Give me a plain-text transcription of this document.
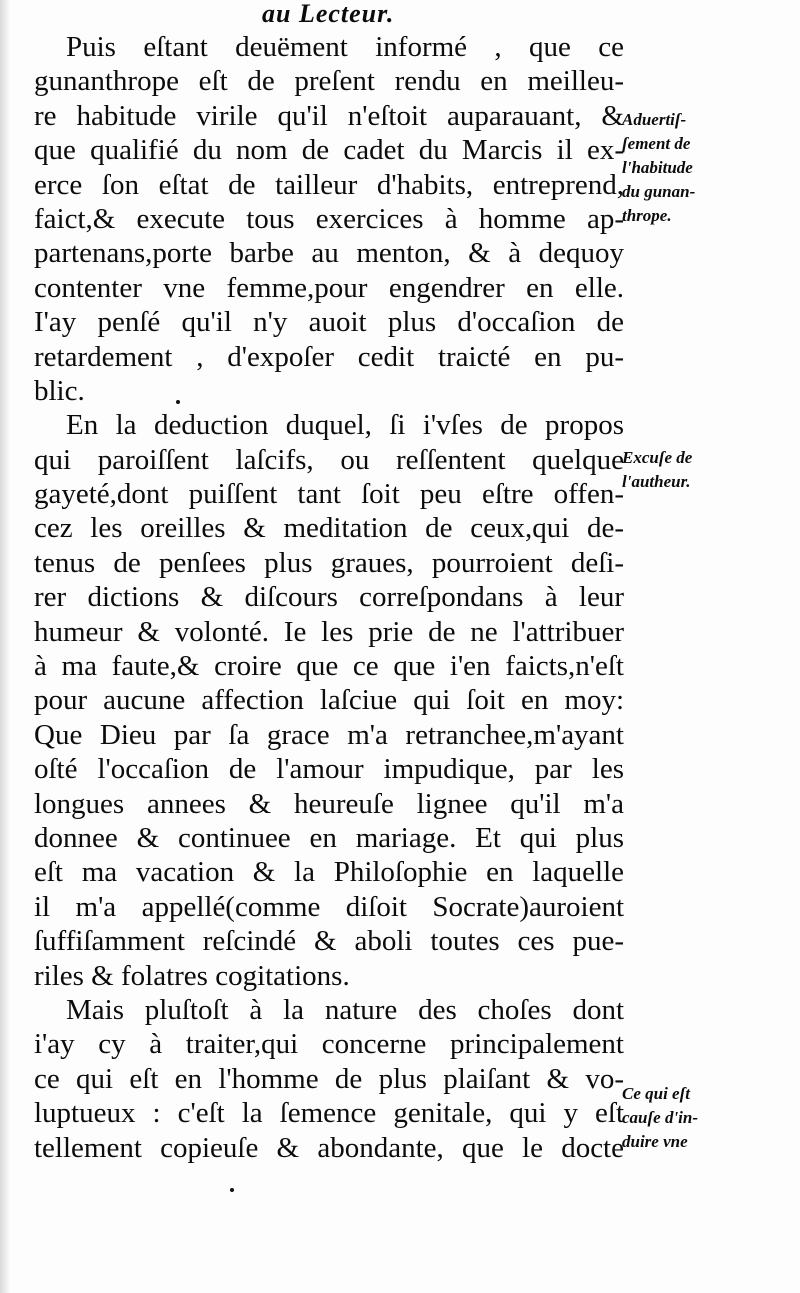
au Lecteur.
Puis eſtant deuëment informé , que ce
gunanthrope eſt de preſent rendu en meilleu-
re habitude virile qu'il n'eſtoit auparauant, &
que qualifié du nom de cadet du Marcis il ex-
erce ſon eſtat de tailleur d'habits, entreprend,
faict,& execute tous exercices à homme ap-
partenans,porte barbe au menton, & à dequoy
contenter vne femme,pour engendrer en elle.
I'ay penſé qu'il n'y auoit plus d'occaſion de
retardement , d'expoſer cedit traicté en pu-
blic.
En la deduction duquel, ſi i'vſes de propos
qui paroiſſent laſcifs, ou reſſentent quelque
gayeté,dont puiſſent tant ſoit peu eſtre offen-
cez les oreilles & meditation de ceux,qui de-
tenus de penſees plus graues, pourroient deſi-
rer dictions & diſcours correſpondans à leur
humeur & volonté. Ie les prie de ne l'attribuer
à ma faute,& croire que ce que i'en faicts,n'eſt
pour aucune affection laſciue qui ſoit en moy:
Que Dieu par ſa grace m'a retranchee,m'ayant
oſté l'occaſion de l'amour impudique, par les
longues annees & heureuſe lignee qu'il m'a
donnee & continuee en mariage. Et qui plus
eſt ma vacation & la Philoſophie en laquelle
il m'a appellé(comme diſoit Socrate)auroient
ſuffiſamment reſcindé & aboli toutes ces pue-
riles & folatres cogitations.
Mais pluſtoſt à la nature des choſes dont
i'ay cy à traiter,qui concerne principalement
ce qui eſt en l'homme de plus plaiſant & vo-
luptueux : c'eſt la ſemence genitale, qui y eſt
tellement copieuſe & abondante, que le docte
Aduertiſ-
ſement de
l'habitude
du gunan-
thrope.
Excuſe de
l'autheur.
Ce qui eſt
cauſe d'in-
duire vne
